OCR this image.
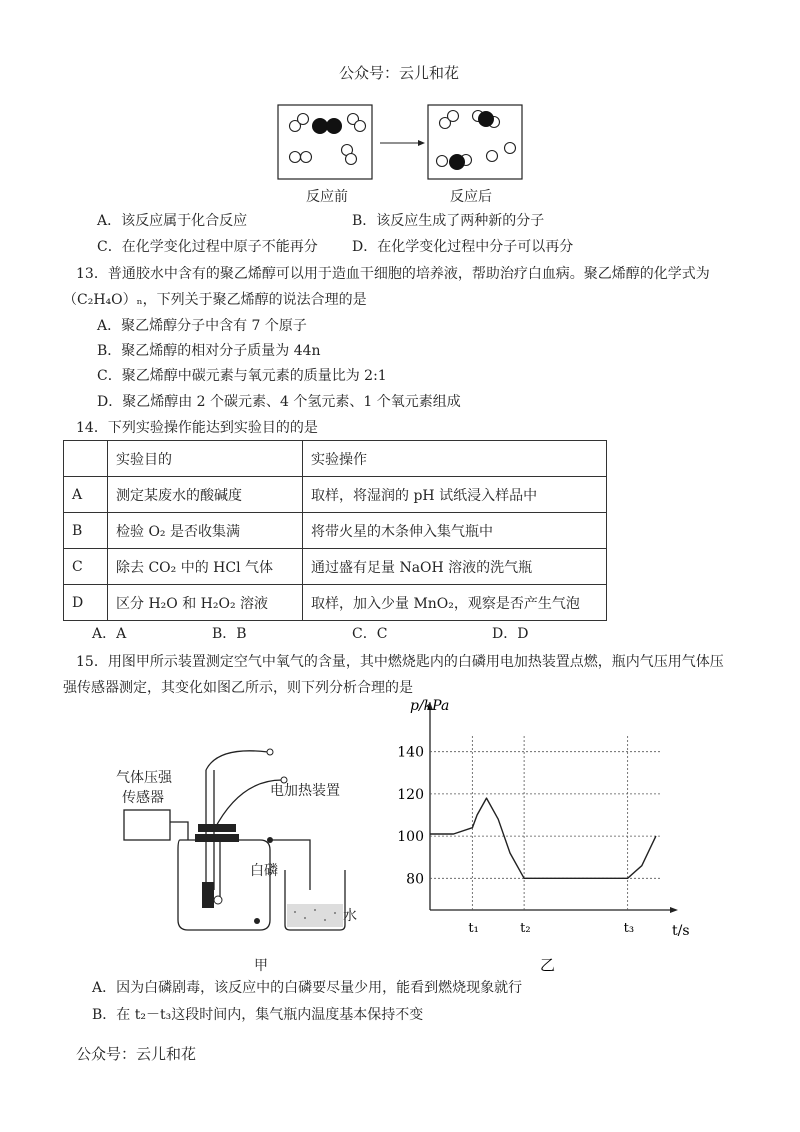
公众号：云儿和花
反应前	反应后
A．该反应属于化合反应	B．该反应生成了两种新的分子
C．在化学变化过程中原子不能再分 D．在化学变化过程中分子可以再分
13．普通胶水中含有的聚乙烯醇可以用于造血干细胞的培养液，帮助治疗白血病。聚乙烯醇的化学式为
（C₂H₄O）ₙ，下列关于聚乙烯醇的说法合理的是
A．聚乙烯醇分子中含有 7 个原子
B．聚乙烯醇的相对分子质量为 44n
C．聚乙烯醇中碳元素与氧元素的质量比为 2:1
D．聚乙烯醇由 2 个碳元素、4 个氢元素、1 个氧元素组成
14．下列实验操作能达到实验目的的是
	实验目的	实验操作
A	测定某废水的酸碱度	取样，将湿润的 pH 试纸浸入样品中
B	检验 O₂ 是否收集满	将带火星的木条伸入集气瓶中
C	除去 CO₂ 中的 HCl 气体	通过盛有足量 NaOH 溶液的洗气瓶
D	区分 H₂O 和 H₂O₂ 溶液	取样，加入少量 MnO₂，观察是否产生气泡
A．A	B．B	C．C	D．D
15．用图甲所示装置测定空气中氧气的含量，其中燃烧匙内的白磷用电加热装置点燃，瓶内气压用气体压
强传感器测定，其变化如图乙所示，则下列分析合理的是
气体压强
传感器	电加热装置
白磷
水
甲	乙
80
100
120
140
t₁	t₂	t₃
p/kPa
t/s
A．因为白磷剧毒，该反应中的白磷要尽量少用，能看到燃烧现象就行
B．在 t₂－t₃这段时间内，集气瓶内温度基本保持不变
公众号：云儿和花
